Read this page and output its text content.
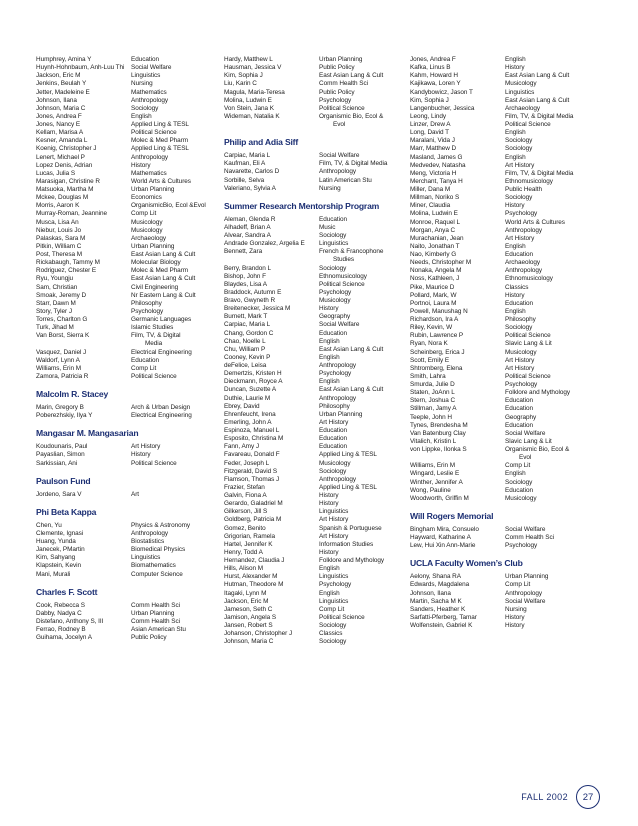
Humphrey, Amina Y	Education
Huynh-Hohnbaum, Anh-Luu Thi	Social Welfare
Jackson, Eric M	Linguistics
Jenkins, Beulah Y	Nursing
Jetter, Madeleine E	Mathematics
Johnson, Ilana	Anthropology
Johnson, Maria C	Sociology
Jones, Andrea F	English
Jones, Nancy E	Applied Ling & TESL
Kellam, Marisa A	Political Science
Kesner, Amanda L	Molec & Med Pharm
Koenig, Christopher J	Applied Ling & TESL
Lenert, Michael P	Anthropology
Lopez Denis, Adrian	History
Lucas, Julia S	Mathematics
Marasigan, Christine R	World Arts & Cultures
Matsuoka, Martha M	Urban Planning
Mckee, Douglas M	Economics
Morris, Aaron K	OrganismicBio, Ecol &Evol
Murray-Roman, Jeannine	Comp Lit
Musca, Lisa An	Musicology
Niebur, Louis Jo	Musicology
Palaskas, Sara M	Archaeology
Pitkin, William C	Urban Planning
Post, Theresa M	East Asian Lang & Cult
Rickabaugh, Tammy M	Molecular Biology
Rodriguez, Chester E	Molec & Med Pharm
Ryu, Youngju	East Asian Lang & Cult
Sam, Christian	Civil Engineering
Smoak, Jeremy D	Nr Eastern Lang & Cult
Starr, Dawn M	Philosophy
Story, Tyler J	Psychology
Torres, Charlton G	Germanic Languages
Turk, Jihad M	Islamic Studies
Van Borst, Sierra K	Film, TV, & Digital
Media
Vasquez, Daniel J	Electrical Engineering
Waldorf, Lynn A	Education
Williams, Erin M	Comp Lit
Zamora, Patricia R	Political Science
Malcolm R. Stacey
Marin, Gregory B	Arch & Urban Design
Poberezhskiy, Ilya Y	Electrical Engineering
Mangasar M. Mangasarian
Koudounaris, Paul	Art History
Payaslian, Simon	History
Sarkissian, Ani	Political Science
Paulson Fund
Jordeno, Sara V	Art
Phi Beta Kappa
Chen, Yu	Physics & Astronomy
Clemente, Ignasi	Anthropology
Huang, Yunda	Biostatistics
Janecek, PMartin	Biomedical Physics
Kim, Sahyang	Linguistics
Klapstein, Kevin	Biomathematics
Mani, Murali	Computer Science
Charles F. Scott
Cook, Rebecca S	Comm Health Sci
Dabby, Nadya C	Urban Planning
Distefano, Anthony S, III	Comm Health Sci
Ferrao, Rodney B	Asian American Stu
Guihama, Jocelyn A	Public Policy
Hardy, Matthew L	Urban Planning
Hausman, Jessica V	Public Policy
Kim, Sophia J	East Asian Lang & Cult
Liu, Karin C	Comm Health Sci
Magula, Maria-Teresa	Public Policy
Molina, Ludwin E	Psychology
Von Stein, Jana K	Political Science
Wideman, Natalia K	Organismic Bio, Ecol &
Evol
Philip and Adia Siff
Carpiac, Maria L	Social Welfare
Kaufman, Eli A	Film, TV, & Digital Media
Navarette, Carlos D	Anthropology
Sorbille, Selva	Latin American Stu
Valeriano, Sylvia A	Nursing
Summer Research Mentorship Program
Aleman, Glenda R	Education
Alhadeff, Brian A	Music
Alvear, Sandra A	Sociology
Andrade Gonzalez, Argelia E	Linguistics
Bennett, Zara	French & Francophone
Studies
Berry, Brandon L	Sociology
Bishop, John F	Ethnomusicology
Blaydes, Lisa A	Political Science
Braddock, Autumn E	Psychology
Bravo, Gwyneth R	Musicology
Breitenecker, Jessica M	History
Burnett, Mark T	Geography
Carpiac, Maria L	Social Welfare
Chang, Gordon C	Education
Chao, Noelle L	English
Chu, William P	East Asian Lang & Cult
Cooney, Kevin P	English
deFelice, Leisa	Anthropology
Demertzis, Kristen H	Psychology
Dieckmann, Royce A	English
Duncan, Suzette A	East Asian Lang & Cult
Duthie, Laurie M	Anthropology
Ebrey, David	Philosophy
Ehrenfeucht, Irena	Urban Planning
Emerling, John A	Art History
Espinoza, Manuel L	Education
Esposito, Christina M	Education
Fann, Amy J	Education
Favareau, Donald F	Applied Ling & TESL
Feder, Joseph L	Musicology
Fitzgerald, David S	Sociology
Flamson, Thomas J	Anthropology
Frazier, Stefan	Applied Ling & TESL
Galvin, Fiona A	History
Gerardo, Galadriel M	History
Gilkerson, Jill S	Linguistics
Goldberg, Patricia M	Art History
Gomez, Benito	Spanish & Portuguese
Grigorian, Ramela	Art History
Hartel, Jennifer K	Information Studies
Henry, Todd A	History
Hernandez, Claudia J	Folklore and Mythology
Hills, Alison M	English
Hurst, Alexander M	Linguistics
Hutman, Theodore M	Psychology
Itagaki, Lynn M	English
Jackson, Eric M	Linguistics
Jameson, Seth C	Comp Lit
Jamison, Angela S	Political Science
Jansen, Robert S	Sociology
Johanson, Christopher J	Classics
Johnson, Maria C	Sociology
Jones, Andrea F	English
Kafka, Linus B	History
Kahm, Howard H	East Asian Lang & Cult
Kajikawa, Loren Y	Musicology
Kandybowicz, Jason T	Linguistics
Kim, Sophia J	East Asian Lang & Cult
Langenbucher, Jessica	Archaeology
Leong, Lindy	Film, TV, & Digital Media
Linzer, Drew A	Political Science
Long, David T	English
Maralani, Vida J	Sociology
Marr, Matthew D	Sociology
Masland, James G	English
Medvedev, Natasha	Art History
Meng, Victoria H	Film, TV, & Digital Media
Merchant, Tanya H	Ethnomusicology
Miller, Dana M	Public Health
Millman, Noriko S	Sociology
Miner, Claudia	History
Molina, Ludwin E	Psychology
Monroe, Raquel L	World Arts & Cultures
Morgan, Anya C	Anthropology
Murachanian, Jean	Art History
Naito, Jonathan T	English
Nao, Kimberly G	Education
Needs, Christopher M	Archaeology
Nonaka, Angela M	Anthropology
Noss, Kathleen, J	Ethnomusicology
Pike, Maurice D	Classics
Pollard, Mark, W	History
Portnoi, Laura M	Education
Powell, Manushag N	English
Richardson, Ira A	Philosophy
Riley, Kevin, W	Sociology
Rubin, Lawrence P	Political Science
Ryan, Nora K	Slavic Lang & Lit
Scheinberg, Erica J	Musicology
Scott, Emily E	Art History
Shtromberg, Elena	Art History
Smith, Lahra	Political Science
Smurda, Julie D	Psychology
Staten, JoAnn L	Folklore and Mythology
Stern, Joshua C	Education
Stillman, Jamy A	Education
Teeple, John H	Geography
Tynes, Brendesha M	Education
Van Batenburg Clay	Social Welfare
Vitalich, Kristin L	Slavic Lang & Lit
von Lippke, Ilonka S	Organismic Bio, Ecol &
Evol
Williams, Erin M	Comp Lit
Wingard, Leslie E	English
Winther, Jennifer A	Sociology
Wong, Pauline	Education
Woodworth, Griffin M	Musicology
Will Rogers Memorial
Bingham Mira, Consuelo	Social Welfare
Hayward, Katharine A	Comm Health Sci
Lew, Hui Xin Ann-Marie	Psychology
UCLA Faculty Women’s Club
Aelony, Shana RA	Urban Planning
Edwards, Magdalena	Comp Lit
Johnson, Ilana	Anthropology
Martin, Sacha M K	Social Welfare
Sanders, Heather K	Nursing
Sarfatti-Pferberg, Tamar	History
Wolfenstein, Gabriel K	History
FALL 2002	27
